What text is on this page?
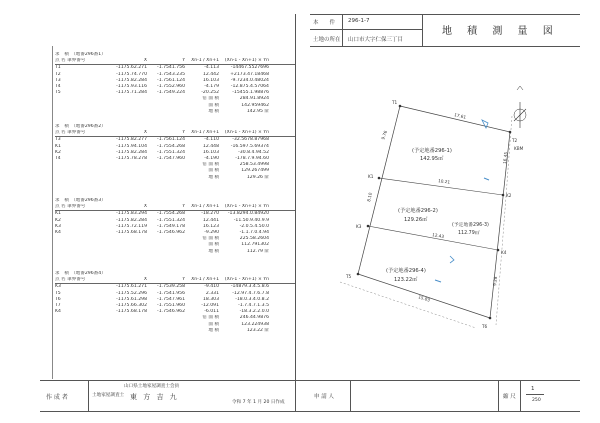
本　　件 296-1-7
土地の所在 山口市大字仁保三丁目
地 積 測 量 図
求　積　（地番296番1）
点 名 筆界番号	X	Y	Xn-1 / Xn+1	(Xn-1 - Xn+1) × Yn
T1	-1175.62.271	-1.7541.756	-4.113	-14467.5527696
T2	-1175.74.770	-1.7543.235	12.442	+2173.47.18468
T3	-1175.82.284	-1.7561.124	16.103	-9.7234.0.48024
T4	-1175.93.116	-1.7552.960	-4.179	-12.875.4.57064
T5	-1175.71.284	-1.7549.224	-20.252	-15455.1.98876
倍 面 積	284.91.8924
面 積	142.959462
地 積	142.95 ㎡
求　積　（地番296番2）
点 名 筆界番号	X	Y	Xn-1 / Xn+1	(Xn-1 - Xn+1) × Yn
T3	-1175.82.277	-1.7561.124	-4.110	-32.5678.87968
K1	-1175.94.104	-1.7554.268	12.448	-16.597.5.69374
K2	-1175.82.284	-1.7551.324	16.103	-30.8.4.94.52
T4	-1175.78.278	-1.7547.960	-4.190	-178.7.9.94.60
倍 面 積	258.53.4998
面 積	129.267499
地 積	129.26 ㎡
求　積　（地番296番3）
点 名 筆界番号	X	Y	Xn-1 / Xn+1	(Xn-1 - Xn+1) × Yn
K1	-1175.83.294	-1.7554.268	-18.270	-13.8294.0.84920
K2	-1175.82.284	-1.7551.324	12.441	-11.50.9.40.9.9
K3	-1175.72.119	-1.7549.178	16.123	-2.0.5.4.50.0
K4	-1175.68.178	-1.7546.962	-9.290	-1.1.7.0.4.94
倍 面 積	225.58.2604
面 積	112.791302
地 積	112.79 ㎡
求　積　（地番296番4）
点 名 筆界番号	X	Y	Xn-1 / Xn+1	(Xn-1 - Xn+1) × Yn
K3	-1175.61.271	-1.7539.258	-9.410	-14879.3.4.5.8.6
T5	-1175.52.296	-1.7541.956	2.331	-12.97.4.7.6.7.8
T6	-1175.61.298	-1.7547.961	18.303	-18.0.3.4.0.8.2
T7	-1175.66.302	-1.7551.960	-12.091	-1.7.4.7.1.3.5
K4	-1175.68.178	-1.7546.962	-6.011	-18.3.2.2.0.0
倍 面 積	246.44.9876
面 積	123.224938
地 積	123.22 ㎡
作 成 者
山口県土地家屋調査士会員
土地家屋調査士 東 方 吉 九
令和 7 年 1 月 20 日作成
申 請 人	縮 尺
1
250
(予定地番296-1)
142.95㎡
(予定地番296-2)
129.26㎡
(予定地番296-3)
112.79㎡
(予定地番296-4)
123.22㎡
T1
T2
K1
K2
K3
K4
T5
T6
KBM
17.61
9.76
10.21
16.45
8.10
12.43
15.83
9.28
